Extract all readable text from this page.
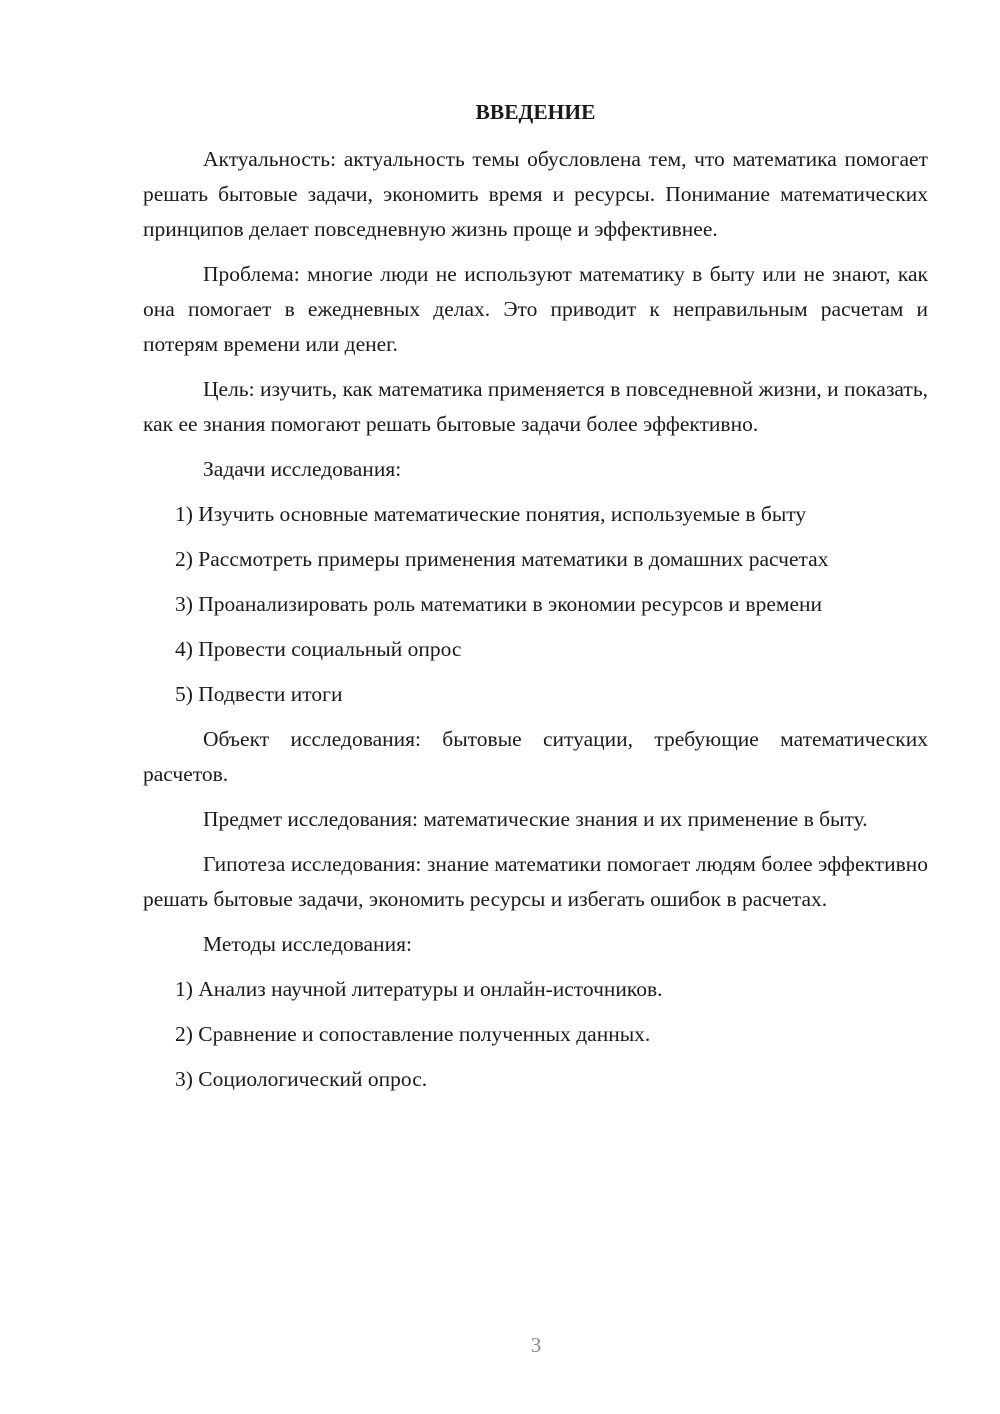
ВВЕДЕНИЕ

Актуальность: актуальность темы обусловлена тем, что математика помогает решать бытовые задачи, экономить время и ресурсы. Понимание математических принципов делает повседневную жизнь проще и эффективнее.

Проблема: многие люди не используют математику в быту или не знают, как она помогает в ежедневных делах. Это приводит к неправильным расчетам и потерям времени или денег.

Цель: изучить, как математика применяется в повседневной жизни, и показать, как ее знания помогают решать бытовые задачи более эффективно.

Задачи исследования:

1) Изучить основные математические понятия, используемые в быту

2) Рассмотреть примеры применения математики в домашних расчетах

3) Проанализировать роль математики в экономии ресурсов и времени

4) Провести социальный опрос

5) Подвести итоги

Объект исследования: бытовые ситуации, требующие математических расчетов.

Предмет исследования: математические знания и их применение в быту.

Гипотеза исследования: знание математики помогает людям более эффективно решать бытовые задачи, экономить ресурсы и избегать ошибок в расчетах.

Методы исследования:

1) Анализ научной литературы и онлайн-источников.

2) Сравнение и сопоставление полученных данных.

3) Социологический опрос.

3
